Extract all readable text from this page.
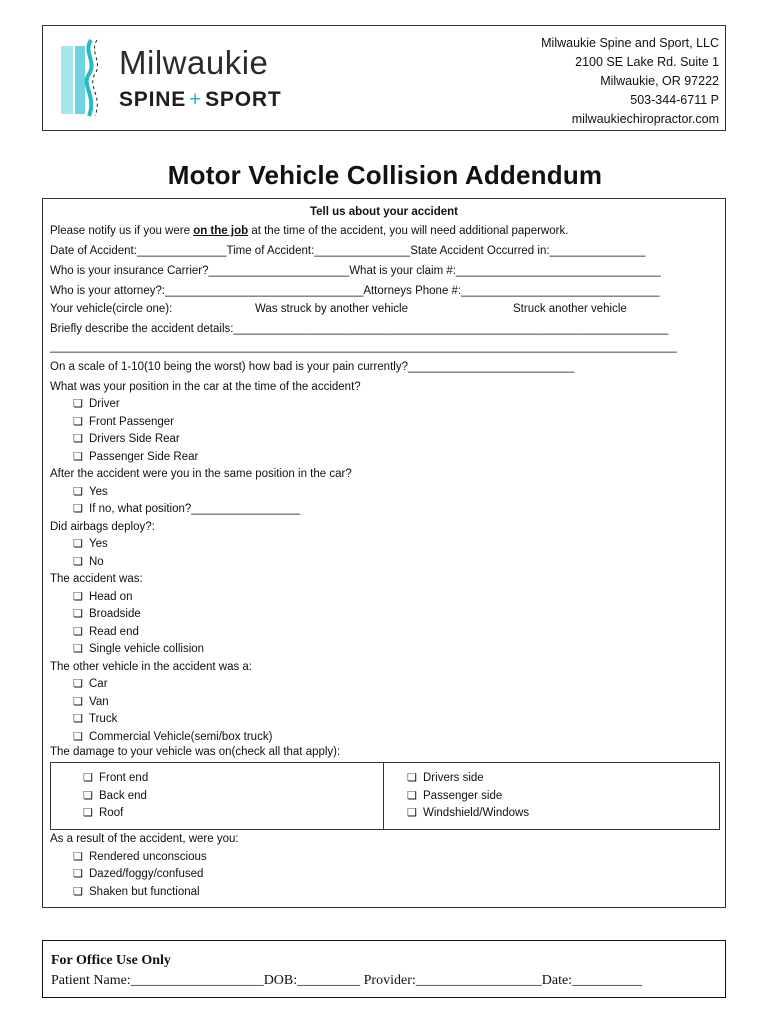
Milwaukie
SPINE + SPORT
Milwaukie Spine and Sport, LLC
2100 SE Lake Rd. Suite 1
Milwaukie, OR 97222
503-344-6711 P
milwaukiechiropractor.com
Motor Vehicle Collision Addendum
Tell us about your accident
Please notify us if you were on the job at the time of the accident, you will need additional paperwork.
Date of Accident:______________Time of Accident:_______________State Accident Occurred in:_______________
Who is your insurance Carrier?______________________What is your claim #:________________________________
Who is your attorney?:_______________________________Attorneys Phone #:_______________________________
Your vehicle(circle one):	Was struck by another vehicle	Struck another vehicle
Briefly describe the accident details:____________________________________________________________________
__________________________________________________________________________________________________
On a scale of 1-10(10 being the worst) how bad is your pain currently?__________________________
What was your position in the car at the time of the accident?
❏ Driver
❏ Front Passenger
❏ Drivers Side Rear
❏ Passenger Side Rear
After the accident were you in the same position in the car?
❏ Yes
❏ If no, what position?_________________
Did airbags deploy?:
❏ Yes
❏ No
The accident was:
❏ Head on
❏ Broadside
❏ Read end
❏ Single vehicle collision
The other vehicle in the accident was a:
❏ Car
❏ Van
❏ Truck
❏ Commercial Vehicle(semi/box truck)
The damage to your vehicle was on(check all that apply):
❏ Front end
❏ Back end
❏ Roof
❏ Drivers side
❏ Passenger side
❏ Windshield/Windows
As a result of the accident, were you:
❏ Rendered unconscious
❏ Dazed/foggy/confused
❏ Shaken but functional
For Office Use Only
Patient Name:___________________DOB:_________ Provider:__________________Date:__________
